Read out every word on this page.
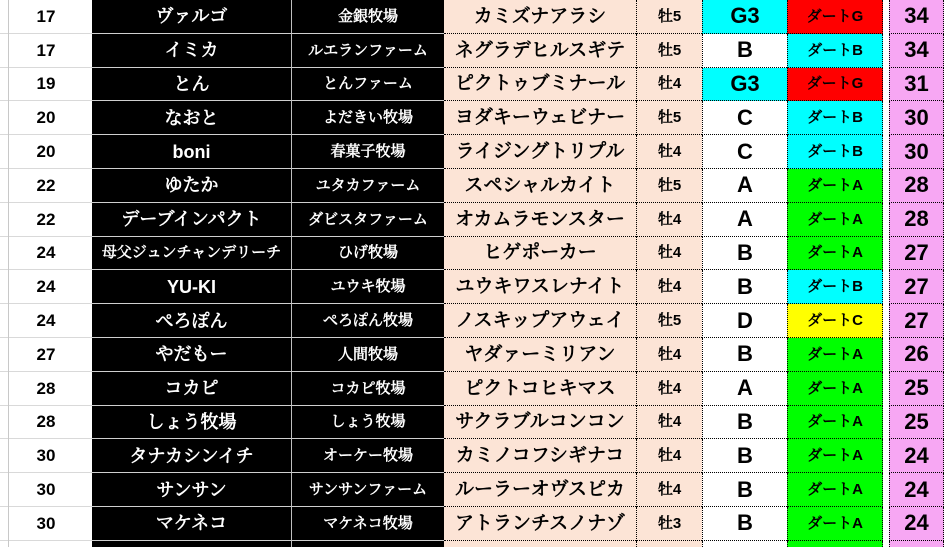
17	ヴァルゴ	金銀牧場	カミズナアラシ	牡5	G3	ダートG	34
17	イミカ	ルエランファーム	ネグラデヒルスギテ	牡5	B	ダートB	34
19	とん	とんファーム	ピクトゥブミナール	牡4	G3	ダートG	31
20	なおと	よだきい牧場	ヨダキーウェビナー	牡5	C	ダートB	30
20	boni	春菓子牧場	ライジングトリプル	牡4	C	ダートB	30
22	ゆたか	ユタカファーム	スペシャルカイト	牡5	A	ダートA	28
22	デーブインパクト	ダビスタファーム	オカムラモンスター	牡4	A	ダートA	28
24	母父ジュンチャンデリーチ	ひげ牧場	ヒゲポーカー	牡4	B	ダートA	27
24	YU-KI	ユウキ牧場	ユウキワスレナイト	牡4	B	ダートB	27
24	ぺろぽん	ぺろぽん牧場	ノスキップアウェイ	牡5	D	ダートC	27
27	やだもー	人間牧場	ヤダァーミリアン	牡4	B	ダートA	26
28	コカピ	コカピ牧場	ピクトコヒキマス	牡4	A	ダートA	25
28	しょう牧場	しょう牧場	サクラブルコンコン	牡4	B	ダートA	25
30	タナカシンイチ	オーケー牧場	カミノコフシギナコ	牡4	B	ダートA	24
30	サンサン	サンサンファーム	ルーラーオヴスピカ	牡4	B	ダートA	24
30	マケネコ	マケネコ牧場	アトランチスノナゾ	牡3	B	ダートA	24
